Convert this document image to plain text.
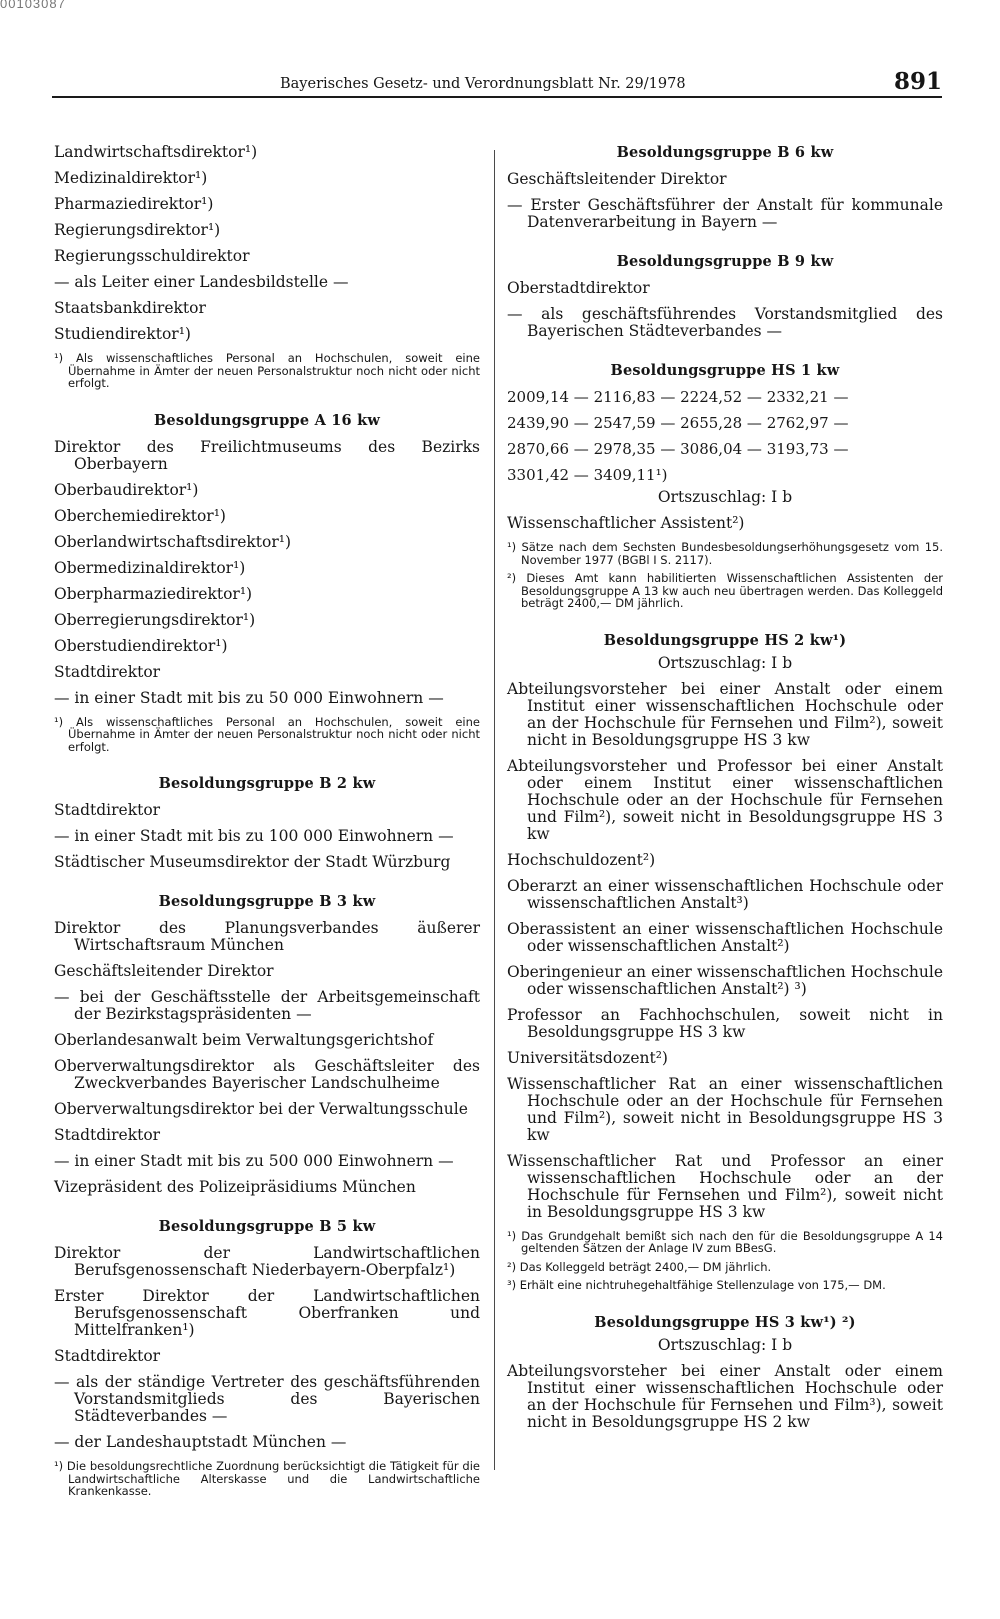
00103087
Bayerisches Gesetz- und Verordnungsblatt Nr. 29/1978	891

Landwirtschaftsdirektor¹)

Medizinaldirektor¹)

Pharmaziedirektor¹)

Regierungsdirektor¹)

Regierungsschuldirektor

— als Leiter einer Landesbildstelle —

Staatsbankdirektor

Studiendirektor¹)

¹) Als wissenschaftliches Personal an Hochschulen, soweit eine Übernahme in Ämter der neuen Personalstruktur noch nicht oder nicht erfolgt.

Besoldungsgruppe A 16 kw

Direktor des Freilichtmuseums des Bezirks Oberbayern

Oberbaudirektor¹)

Oberchemiedirektor¹)

Oberlandwirtschaftsdirektor¹)

Obermedizinaldirektor¹)

Oberpharmaziedirektor¹)

Oberregierungsdirektor¹)

Oberstudiendirektor¹)

Stadtdirektor

— in einer Stadt mit bis zu 50 000 Einwohnern —

¹) Als wissenschaftliches Personal an Hochschulen, soweit eine Übernahme in Ämter der neuen Personalstruktur noch nicht oder nicht erfolgt.

Besoldungsgruppe B 2 kw

Stadtdirektor

— in einer Stadt mit bis zu 100 000 Einwohnern —

Städtischer Museumsdirektor der Stadt Würzburg

Besoldungsgruppe B 3 kw

Direktor des Planungsverbandes äußerer Wirtschaftsraum München

Geschäftsleitender Direktor

— bei der Geschäftsstelle der Arbeitsgemeinschaft der Bezirkstagspräsidenten —

Oberlandesanwalt beim Verwaltungsgerichtshof

Oberverwaltungsdirektor als Geschäftsleiter des Zweckverbandes Bayerischer Landschulheime

Oberverwaltungsdirektor bei der Verwaltungsschule

Stadtdirektor

— in einer Stadt mit bis zu 500 000 Einwohnern —

Vizepräsident des Polizeipräsidiums München

Besoldungsgruppe B 5 kw

Direktor der Landwirtschaftlichen Berufsgenossenschaft Niederbayern-Oberpfalz¹)

Erster Direktor der Landwirtschaftlichen Berufsgenossenschaft Oberfranken und Mittelfranken¹)

Stadtdirektor

— als der ständige Vertreter des geschäftsführenden Vorstandsmitglieds des Bayerischen Städteverbandes —

— der Landeshauptstadt München —

¹) Die besoldungsrechtliche Zuordnung berücksichtigt die Tätigkeit für die Landwirtschaftliche Alterskasse und die Landwirtschaftliche Krankenkasse.

Besoldungsgruppe B 6 kw

Geschäftsleitender Direktor

— Erster Geschäftsführer der Anstalt für kommunale Datenverarbeitung in Bayern —

Besoldungsgruppe B 9 kw

Oberstadtdirektor

— als geschäftsführendes Vorstandsmitglied des Bayerischen Städteverbandes —

Besoldungsgruppe HS 1 kw

2009,14 — 2116,83 — 2224,52 — 2332,21 —

2439,90 — 2547,59 — 2655,28 — 2762,97 —

2870,66 — 2978,35 — 3086,04 — 3193,73 —

3301,42 — 3409,11¹)

Ortszuschlag: I b

Wissenschaftlicher Assistent²)

¹) Sätze nach dem Sechsten Bundesbesoldungserhöhungsgesetz vom 15. November 1977 (BGBl I S. 2117).

²) Dieses Amt kann habilitierten Wissenschaftlichen Assistenten der Besoldungsgruppe A 13 kw auch neu übertragen werden. Das Kolleggeld beträgt 2400,— DM jährlich.

Besoldungsgruppe HS 2 kw¹)

Ortszuschlag: I b

Abteilungsvorsteher bei einer Anstalt oder einem Institut einer wissenschaftlichen Hochschule oder an der Hochschule für Fernsehen und Film²), soweit nicht in Besoldungsgruppe HS 3 kw

Abteilungsvorsteher und Professor bei einer Anstalt oder einem Institut einer wissenschaftlichen Hochschule oder an der Hochschule für Fernsehen und Film²), soweit nicht in Besoldungsgruppe HS 3 kw

Hochschuldozent²)

Oberarzt an einer wissenschaftlichen Hochschule oder wissenschaftlichen Anstalt³)

Oberassistent an einer wissenschaftlichen Hochschule oder wissenschaftlichen Anstalt²)

Oberingenieur an einer wissenschaftlichen Hochschule oder wissenschaftlichen Anstalt²) ³)

Professor an Fachhochschulen, soweit nicht in Besoldungsgruppe HS 3 kw

Universitätsdozent²)

Wissenschaftlicher Rat an einer wissenschaftlichen Hochschule oder an der Hochschule für Fernsehen und Film²), soweit nicht in Besoldungsgruppe HS 3 kw

Wissenschaftlicher Rat und Professor an einer wissenschaftlichen Hochschule oder an der Hochschule für Fernsehen und Film²), soweit nicht in Besoldungsgruppe HS 3 kw

¹) Das Grundgehalt bemißt sich nach den für die Besoldungsgruppe A 14 geltenden Sätzen der Anlage IV zum BBesG.

²) Das Kolleggeld beträgt 2400,— DM jährlich.

³) Erhält eine nichtruhegehaltfähige Stellenzulage von 175,— DM.

Besoldungsgruppe HS 3 kw¹) ²)

Ortszuschlag: I b

Abteilungsvorsteher bei einer Anstalt oder einem Institut einer wissenschaftlichen Hochschule oder an der Hochschule für Fernsehen und Film³), soweit nicht in Besoldungsgruppe HS 2 kw
